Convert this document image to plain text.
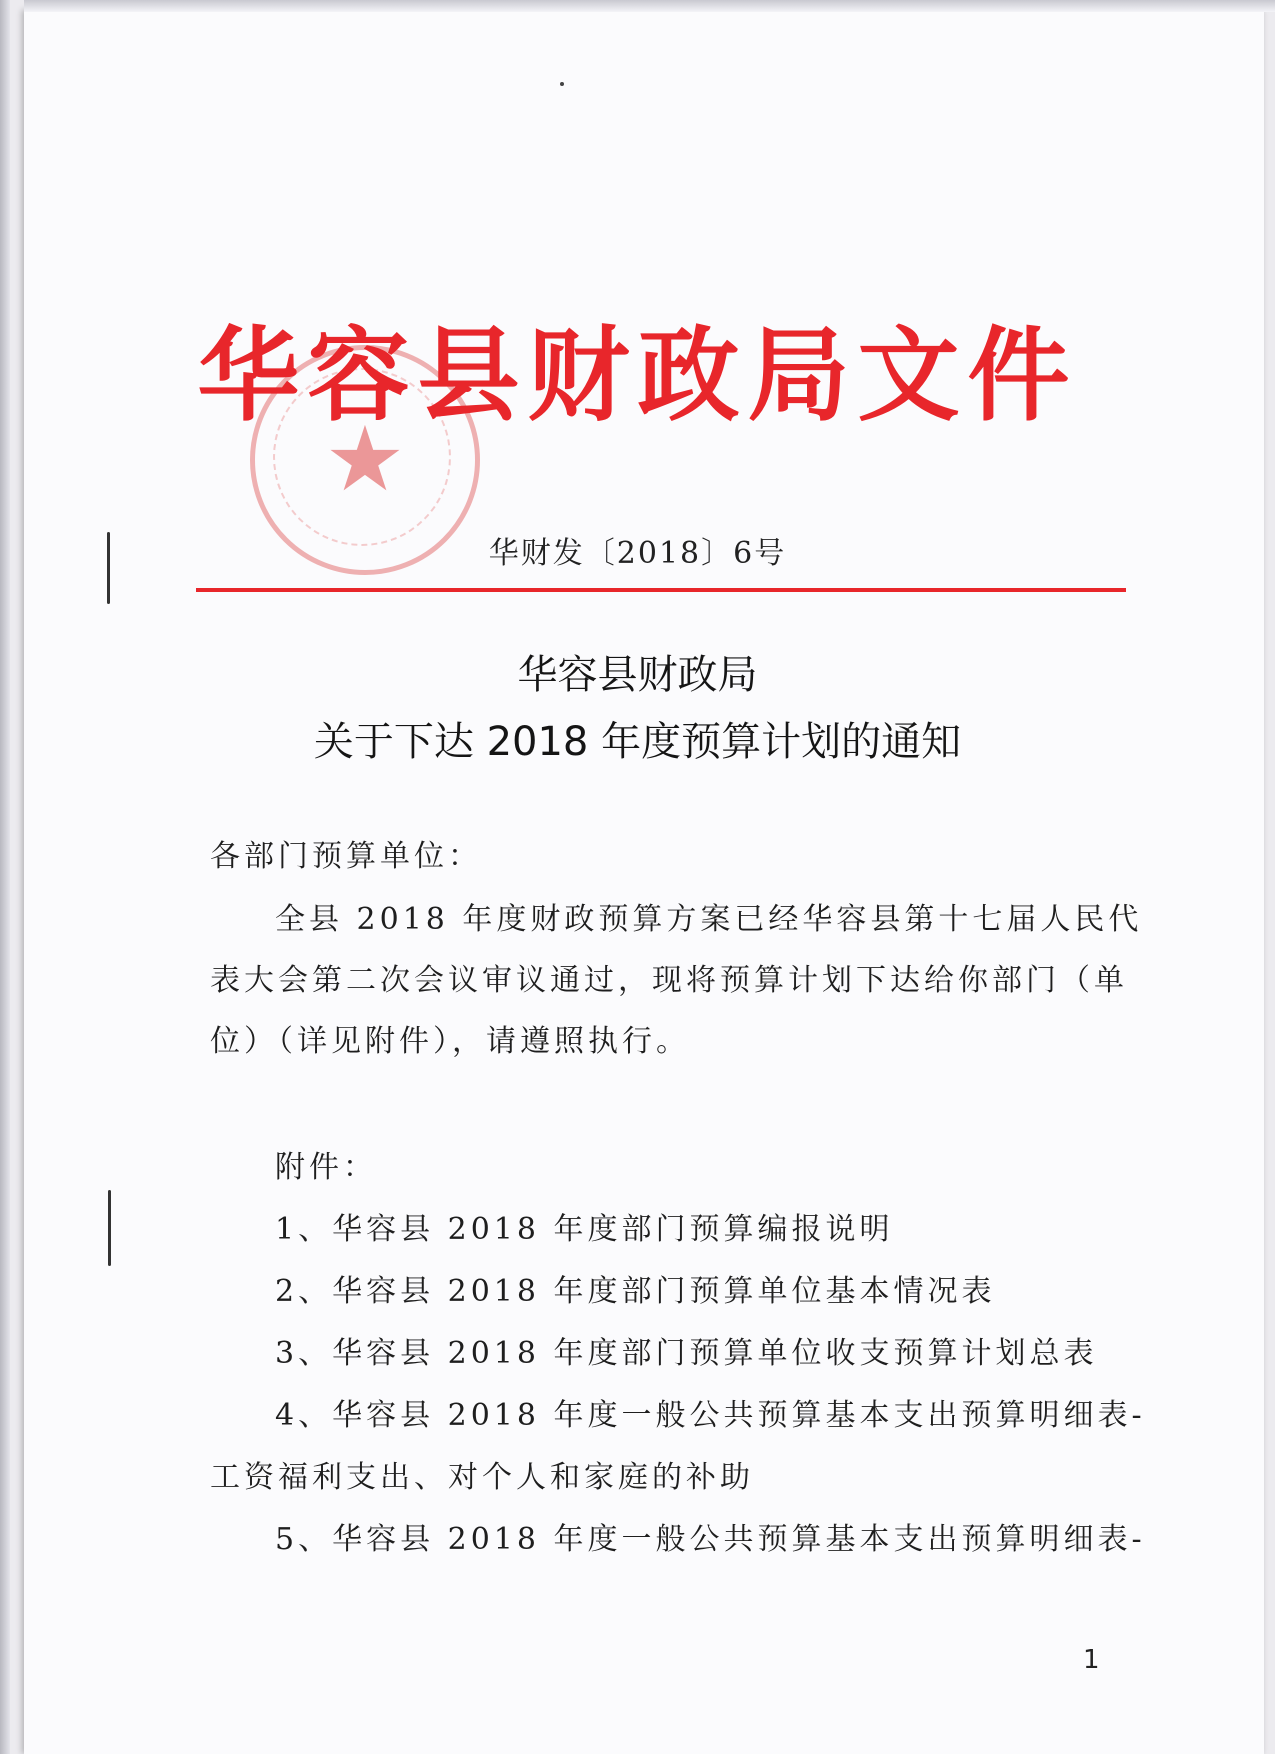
★
华容县财政局文件
华财发〔2018〕6号
华容县财政局
关于下达 2018 年度预算计划的通知
各部门预算单位：
全县 2018 年度财政预算方案已经华容县第十七届人民代
表大会第二次会议审议通过，现将预算计划下达给你部门（单
位）（详见附件），请遵照执行。
附件：
1、华容县 2018 年度部门预算编报说明
2、华容县 2018 年度部门预算单位基本情况表
3、华容县 2018 年度部门预算单位收支预算计划总表
4、华容县 2018 年度一般公共预算基本支出预算明细表-
工资福利支出、对个人和家庭的补助
5、华容县 2018 年度一般公共预算基本支出预算明细表-
1
